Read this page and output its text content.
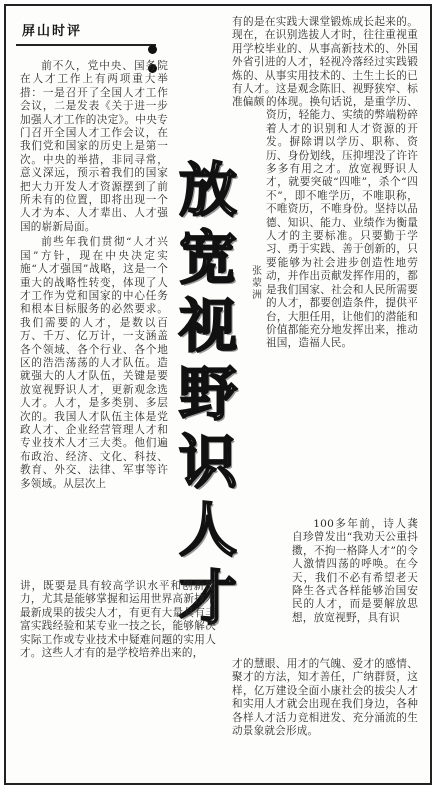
屏山时评

有的是在实践大课堂锻炼成长起来的。现在，在识别选拔人才时，往往重视重用学校毕业的、从事高新技术的、外国外省引进的人才，轻视冷落经过实践锻炼的、从事实用技术的、土生土长的已有人才。这是观念陈旧、视野狭窄、标准偏颇

前不久，党中央、国务院在人才工作上有两项重大举措：一是召开了全国人才工作会议，二是发表《关于进一步加强人才工作的决定》。中央专门召开全国人才工作会议，在我们党和国家的历史上是第一次。中央的举措，非同寻常，意义深远，预示着我们的国家把大力开发人才资源摆到了前所未有的位置，即将出现一个人才为本、人才辈出、人才强国的崭新局面。

前些年我们贯彻“人才兴国”方针，现在中央决定实施“人才强国”战略，这是一个重大的战略性转变，体现了人才工作为党和国家的中心任务和根本目标服务的必然要求。我们需要的人才，是数以百万、千万、亿万计，一支涵盖各个领域、各个行业、各个地区的浩浩荡荡的人才队伍。造就强大的人才队伍，关键是要放宽视野识人才，更新观念选人才。人才，是多类别、多层次的。我国人才队伍主体是党政人才、企业经营管理人才和专业技术人才三大类。他们遍布政治、经济、文化、科技、教育、外交、法律、军事等许多领域。从层次上

放
宽
视
野
识
人
才
张
蒙
洲

的体现。换句话说，是重学历、资历，轻能力、实绩的弊端粉碎着人才的识别和人才资源的开发。摒除谓以学历、职称、资历、身份划线，压抑埋没了许许多多有用之才。放宽视野识人才，就要突破“四唯”，杀个“四不”，即不唯学历，不唯职称，不唯资历，不唯身份。坚持以品德、知识、能力、业绩作为衡量人才的主要标准。只要勤于学习、勇于实践、善于创新的，只要能够为社会进步创造性地劳动，并作出贡献发挥作用的，都是我们国家、社会和人民所需要的人才，都要创造条件，提供平台，大胆任用，让他们的潜能和价值都能充分地发挥出来，推动祖国，造福人民。

100多年前，诗人龚自珍曾发出“我劝天公重抖擞，不拘一格降人才”的令人激情四荡的呼唤。在今天，我们不必有希望老天降生各式各样能够治国安民的人才，而是要解放思想，放宽视野，具有识

讲，既要是具有较高学识水平和创新能力，尤其是能够掌握和运用世界高新技术最新成果的拔尖人才，有更有大量具有丰富实践经验和某专业一技之长，能够解决实际工作或专业技术中疑难问题的实用人才。这些人才有的是学校培养出来的，

才的慧眼、用才的气魄、爱才的感情、聚才的方法，知才善任，广纳群贤，这样，亿万建设全面小康社会的拔尖人才和实用人才就会出现在我们身边，各种各样人才活力竞相迸发、充分涌流的生动景象就会形成。
